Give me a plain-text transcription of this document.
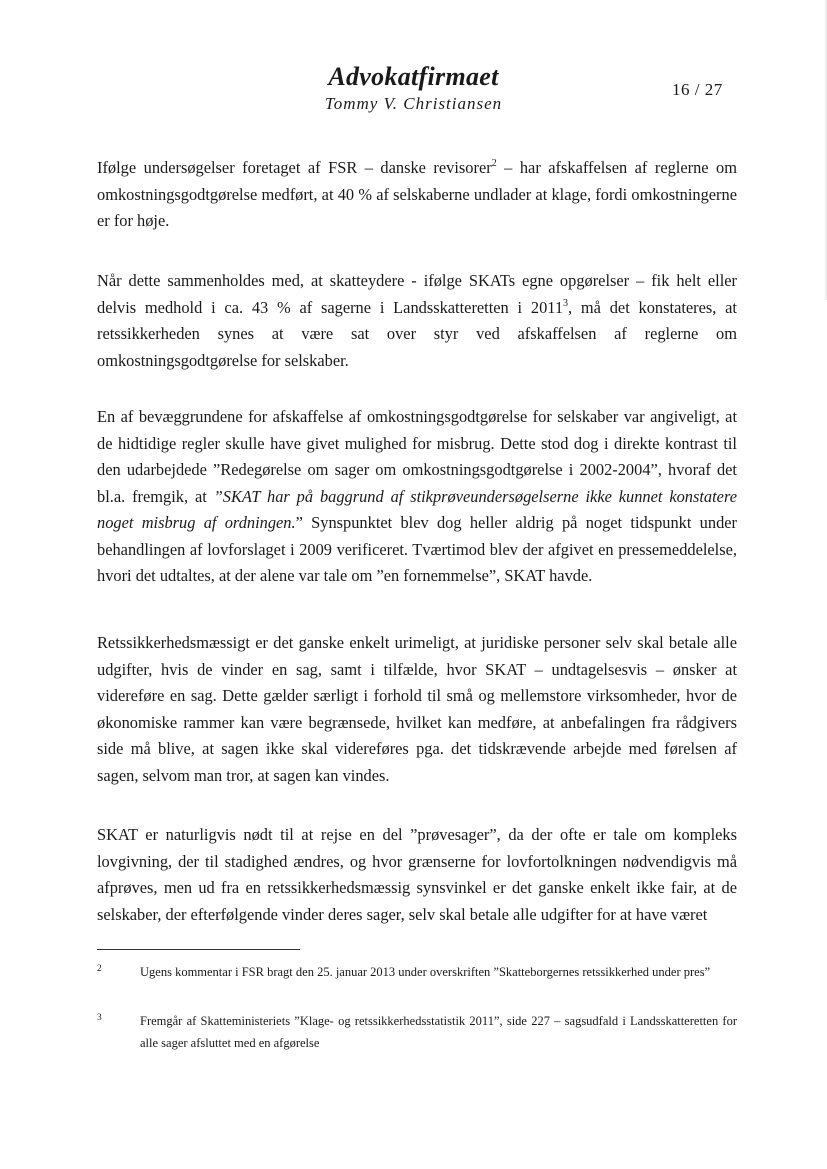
Advokatfirmaet
Tommy V. Christiansen
16 / 27

Ifølge undersøgelser foretaget af FSR – danske revisorer$^2$ – har afskaffelsen af reglerne om omkostningsgodtgørelse medført, at 40 % af selskaberne undlader at klage, fordi omkostningerne er for høje.

Når dette sammenholdes med, at skatteydere - ifølge SKATs egne opgørelser – fik helt eller delvis medhold i ca. 43 % af sagerne i Landsskatteretten i 2011$^3$, må det konstateres, at retssikkerheden synes at være sat over styr ved afskaffelsen af reglerne om omkostningsgodtgørelse for selskaber.

En af bevæggrundene for afskaffelse af omkostningsgodtgørelse for selskaber var angiveligt, at de hidtidige regler skulle have givet mulighed for misbrug. Dette stod dog i direkte kontrast til den udarbejdede ”Redegørelse om sager om omkostningsgodtgørelse i 2002-2004”, hvoraf det bl.a. fremgik, at ”SKAT har på baggrund af stikprøveundersøgelserne ikke kunnet konstatere noget misbrug af ordningen.” Synspunktet blev dog heller aldrig på noget tidspunkt under behandlingen af lovforslaget i 2009 verificeret. Tværtimod blev der afgivet en pressemeddelelse, hvori det udtaltes, at der alene var tale om ”en fornemmelse”, SKAT havde.

Retssikkerhedsmæssigt er det ganske enkelt urimeligt, at juridiske personer selv skal betale alle udgifter, hvis de vinder en sag, samt i tilfælde, hvor SKAT – undtagelsesvis – ønsker at videreføre en sag. Dette gælder særligt i forhold til små og mellemstore virksomheder, hvor de økonomiske rammer kan være begrænsede, hvilket kan medføre, at anbefalingen fra rådgivers side må blive, at sagen ikke skal videreføres pga. det tidskrævende arbejde med førelsen af sagen, selvom man tror, at sagen kan vindes.

SKAT er naturligvis nødt til at rejse en del ”prøvesager”, da der ofte er tale om kompleks lovgivning, der til stadighed ændres, og hvor grænserne for lovfortolkningen nødvendigvis må afprøves, men ud fra en retssikkerhedsmæssig synsvinkel er det ganske enkelt ikke fair, at de selskaber, der efterfølgende vinder deres sager, selv skal betale alle udgifter for at have været

2	Ugens kommentar i FSR bragt den 25. januar 2013 under overskriften ”Skatteborgernes retssikkerhed under pres”
3	Fremgår af Skatteministeriets ”Klage- og retssikkerhedsstatistik 2011”, side 227 – sagsudfald i Landsskatteretten for alle sager afsluttet med en afgørelse
